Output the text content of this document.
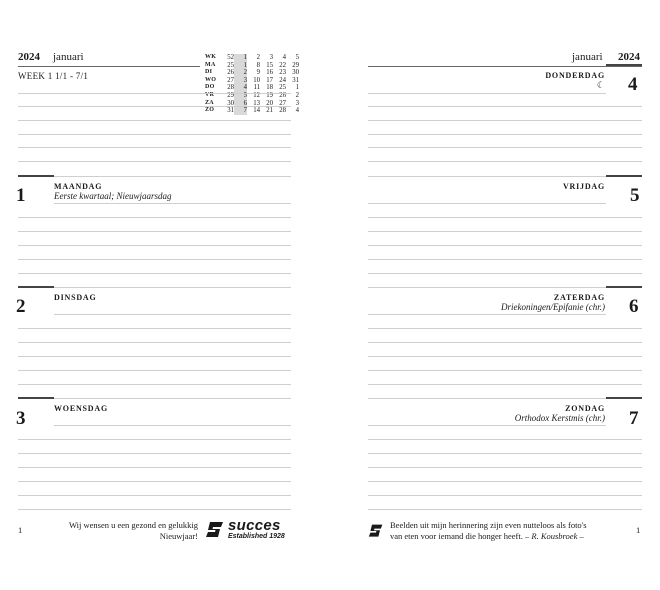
2024 januari
WEEK 1 1/1 - 7/1
WK	52	1	2	3	4	5
MA	25	1	8	15	22	29
DI	26	2	9	16	23	30
WO	27	3	10	17	24	31
DO	28	4	11	18	25	1
VR	29	5	12	19	26	2
ZA	30	6	13	20	27	3
ZO	31	7	14	21	28	4
1	MAANDAG
Eerste kwartaal; Nieuwjaarsdag
2	DINSDAG
3	WOENSDAG
1	Wij wensen u een gezond en gelukkig
Nieuwjaar!
succes
Established 1928
januari 2024
DONDERDAG
☾ 4
VRIJDAG 5
ZATERDAG
Driekoningen/Epifanie (chr.) 6
ZONDAG
Orthodox Kerstmis (chr.) 7
Beelden uit mijn herinnering zijn even nutteloos als foto's
van eten voor iemand die honger heeft. – R. Kousbroek –
1
